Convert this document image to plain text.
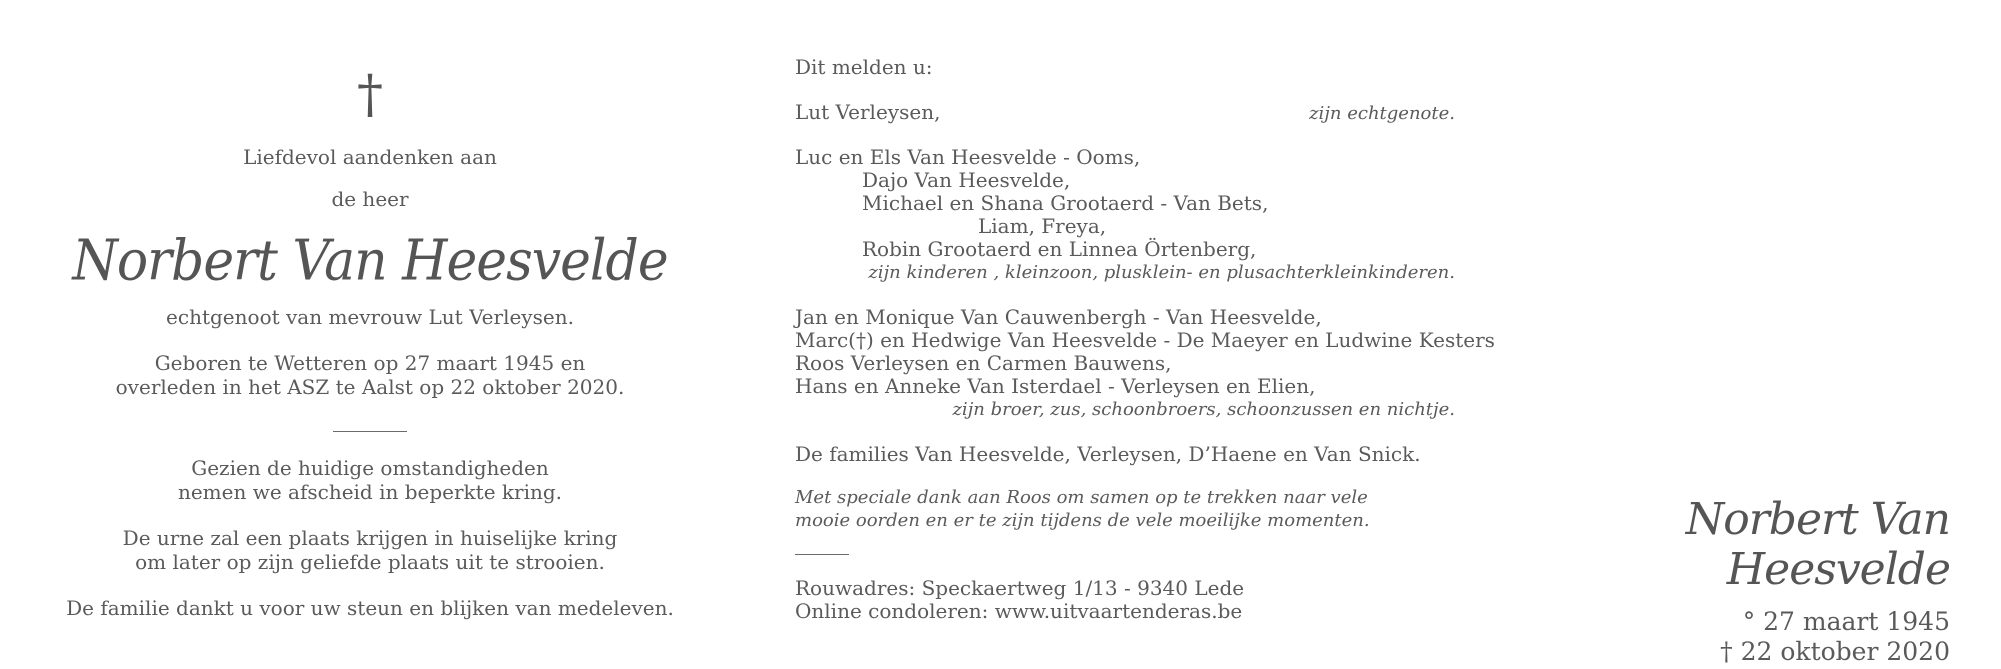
†

Liefdevol aandenken aan

de heer

Norbert Van Heesvelde

echtgenoot van mevrouw Lut Verleysen.

Geboren te Wetteren op 27 maart 1945 en

overleden in het ASZ te Aalst op 22 oktober 2020.

Gezien de huidige omstandigheden

nemen we afscheid in beperkte kring.

De urne zal een plaats krijgen in huiselijke kring

om later op zijn geliefde plaats uit te strooien.

De familie dankt u voor uw steun en blijken van medeleven.

Dit melden u:
Lut Verleysen,	zijn echtgenote.
Luc en Els Van Heesvelde - Ooms,
Dajo Van Heesvelde,
Michael en Shana Grootaerd - Van Bets,
Liam, Freya,
Robin Grootaerd en Linnea Örtenberg,
zijn kinderen , kleinzoon, plusklein- en plusachterkleinkinderen.
Jan en Monique Van Cauwenbergh - Van Heesvelde,
Marc(†) en Hedwige Van Heesvelde - De Maeyer en Ludwine Kesters
Roos Verleysen en Carmen Bauwens,
Hans en Anneke Van Isterdael - Verleysen en Elien,
zijn broer, zus, schoonbroers, schoonzussen en nichtje.
De families Van Heesvelde, Verleysen, D’Haene en Van Snick.
Met speciale dank aan Roos om samen op te trekken naar vele
mooie oorden en er te zijn tijdens de vele moeilijke momenten.
Rouwadres: Speckaertweg 1/13 - 9340 Lede
Online condoleren: www.uitvaartenderas.be
Norbert Van Heesvelde
° 27 maart 1945
† 22 oktober 2020
